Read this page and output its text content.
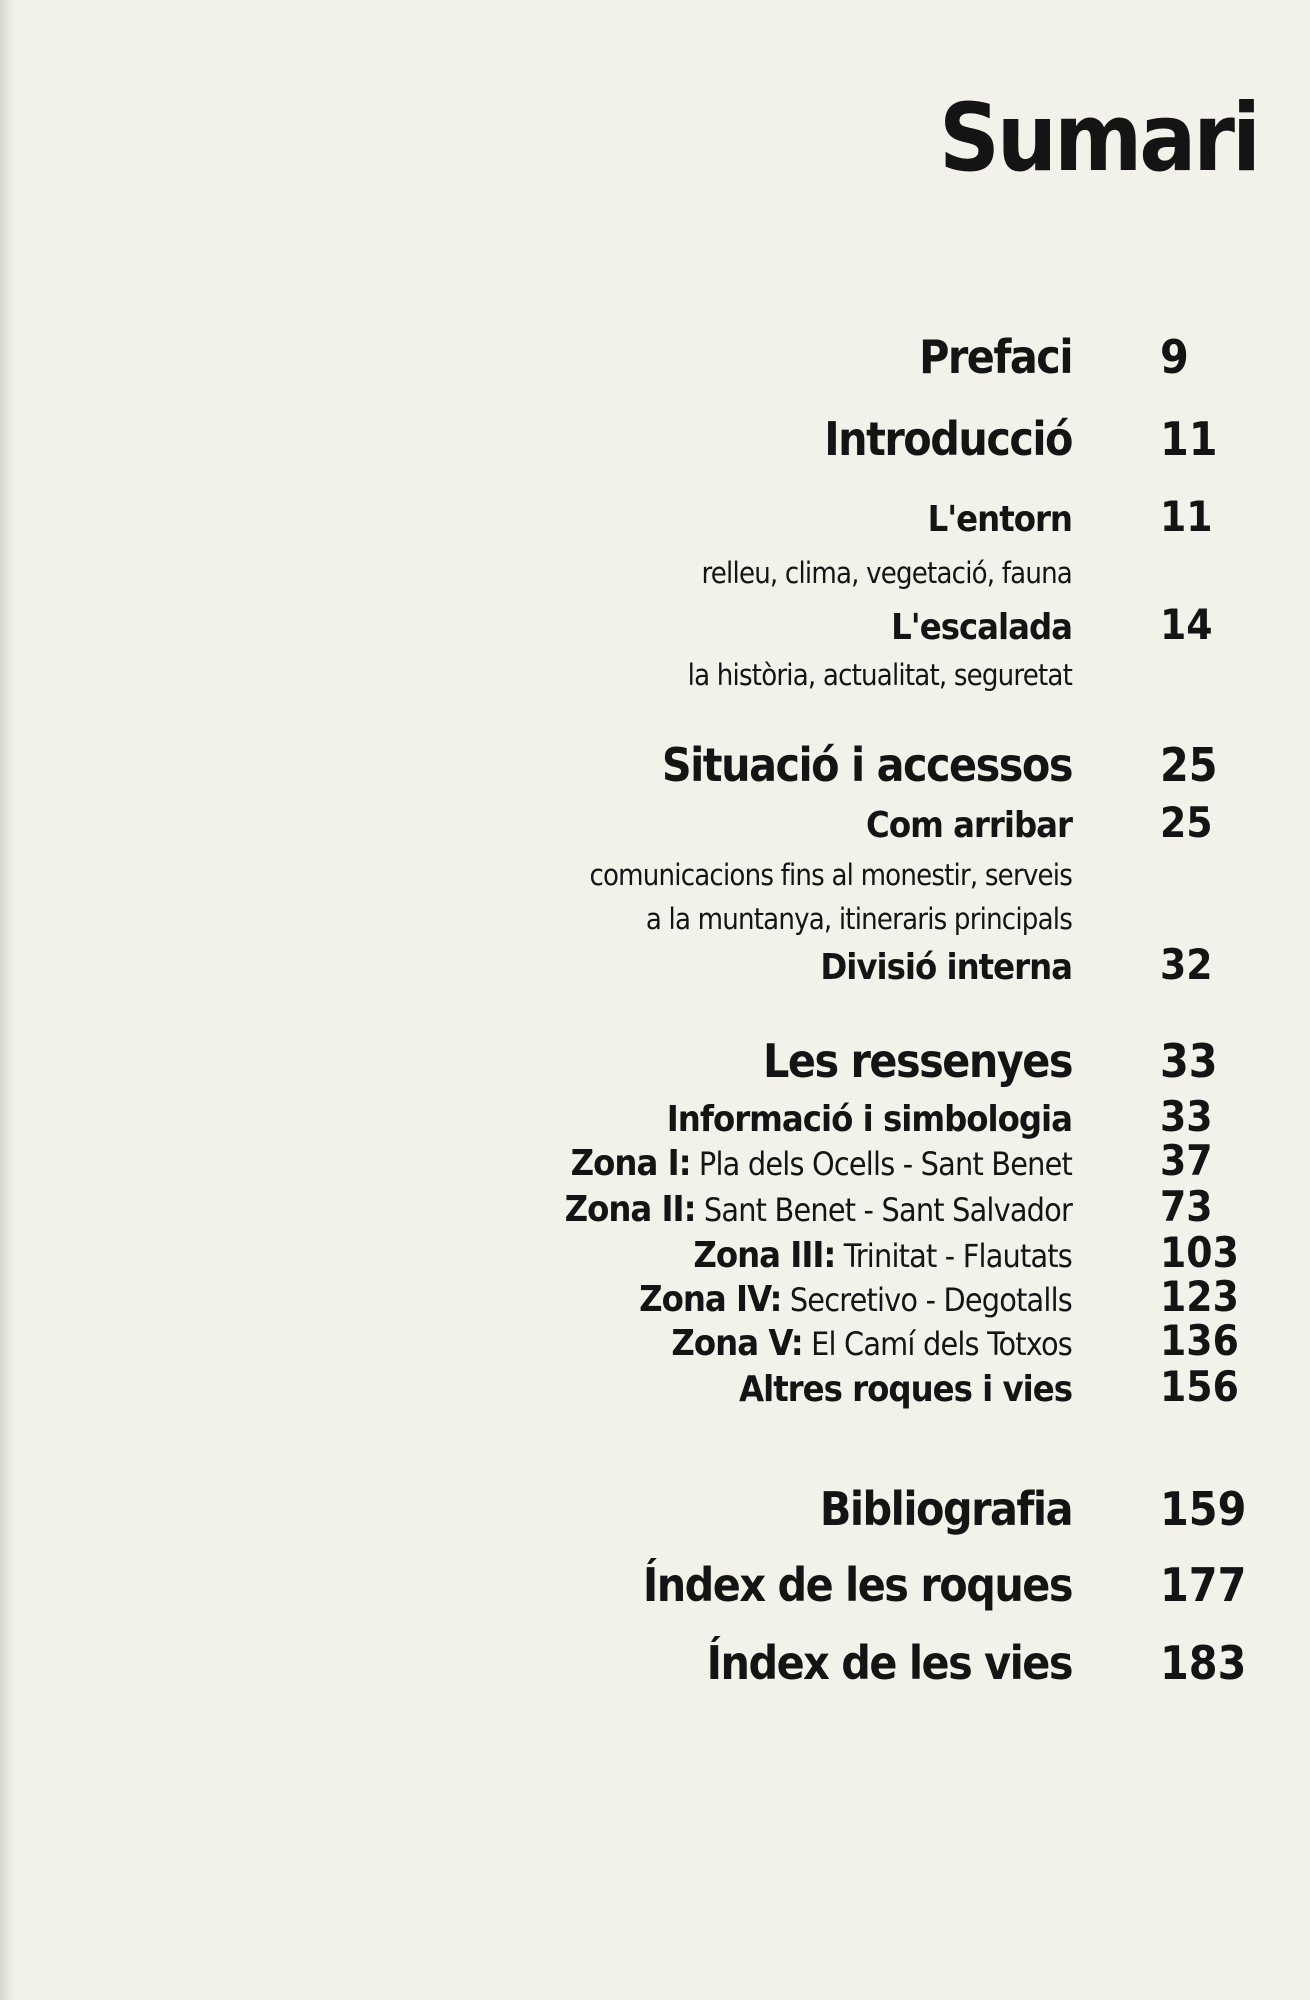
Sumari
Prefaci 9
Introducció 11
L'entorn 11
relleu, clima, vegetació, fauna
L'escalada 14
la història, actualitat, seguretat
Situació i accessos 25
Com arribar 25
comunicacions fins al monestir, serveis
a la muntanya, itineraris principals
Divisió interna 32
Les ressenyes 33
Informació i simbologia 33
Zona I: Pla dels Ocells - Sant Benet 37
Zona II: Sant Benet - Sant Salvador 73
Zona III: Trinitat - Flautats 103
Zona IV: Secretivo - Degotalls 123
Zona V: El Camí dels Totxos 136
Altres roques i vies 156
Bibliografia 159
Índex de les roques 177
Índex de les vies 183
